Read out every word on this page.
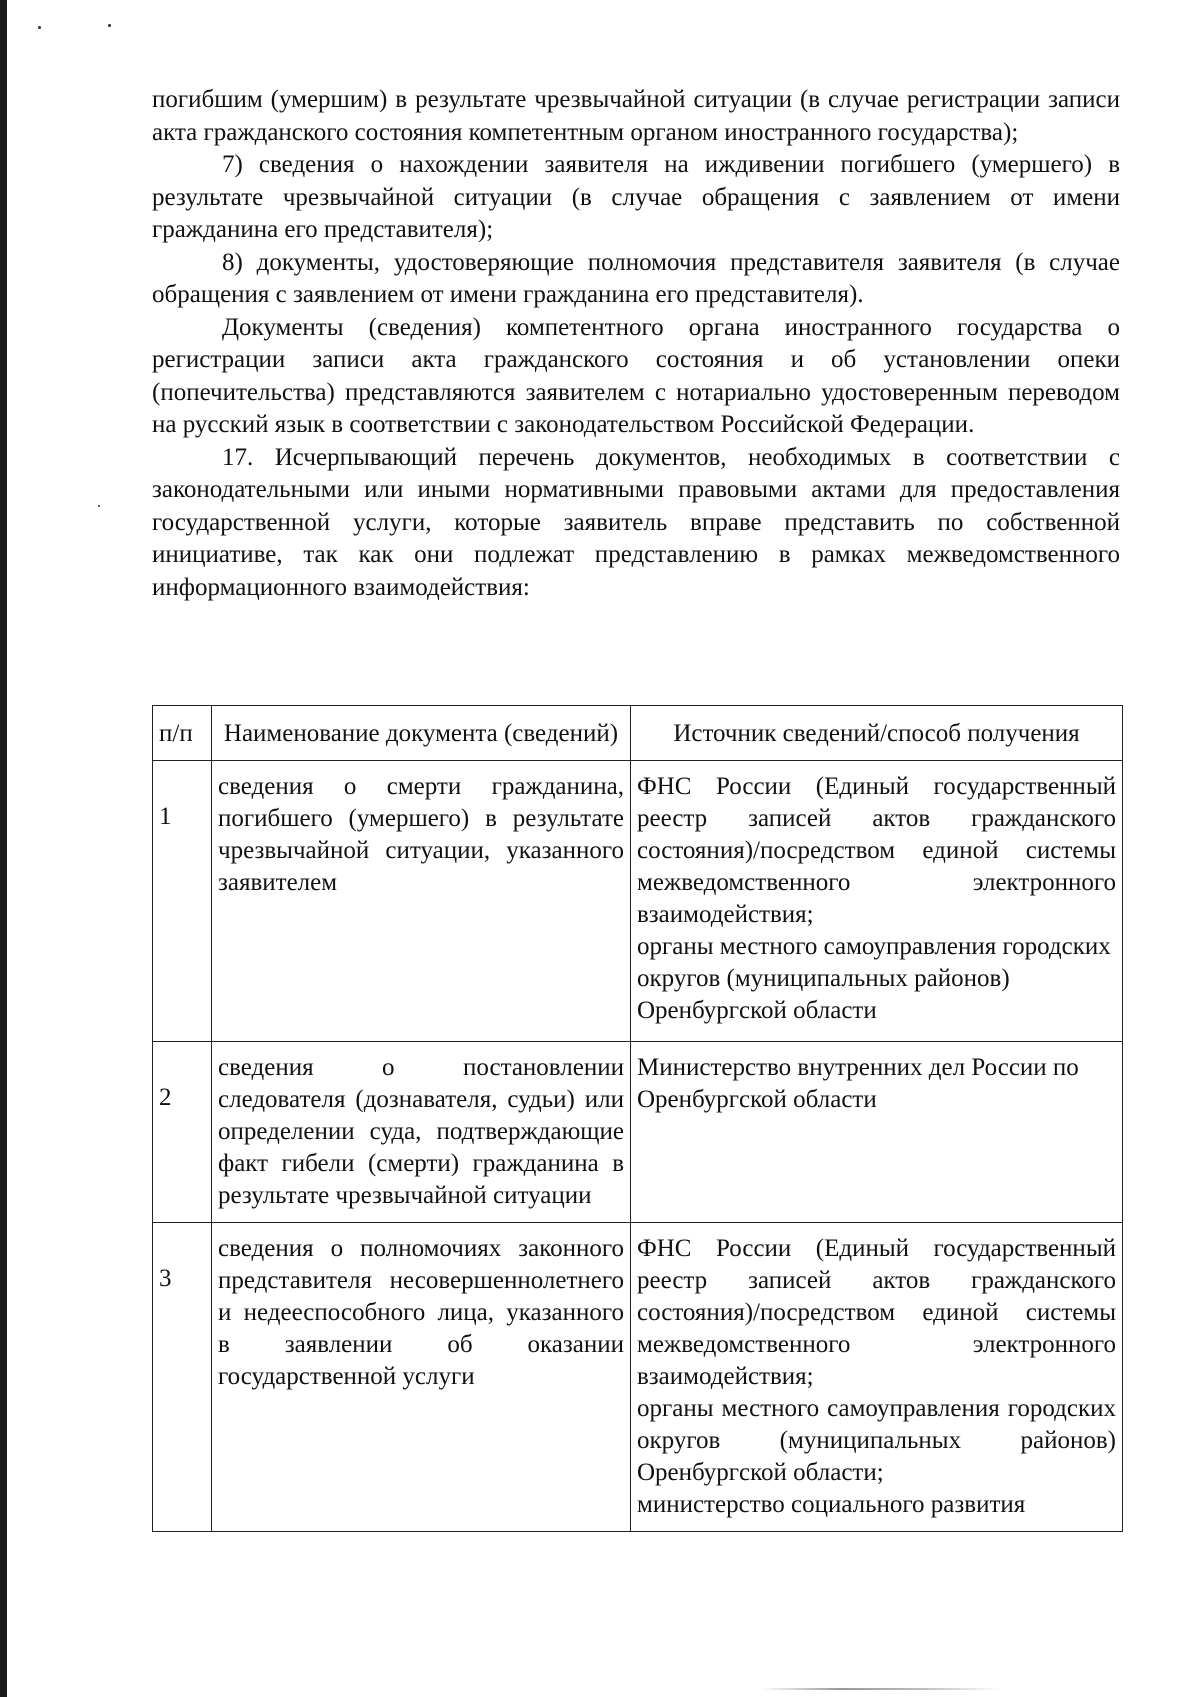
погибшим (умершим) в результате чрезвычайной ситуации (в случае регистрации записи акта гражданского состояния компетентным органом иностранного государства);

7) сведения о нахождении заявителя на иждивении погибшего (умершего) в результате чрезвычайной ситуации (в случае обращения с заявлением от имени гражданина его представителя);

8) документы, удостоверяющие полномочия представителя заявителя (в случае обращения с заявлением от имени гражданина его представителя).

Документы (сведения) компетентного органа иностранного государства о регистрации записи акта гражданского состояния и об установлении опеки (попечительства) представляются заявителем с нотариально удостоверенным переводом на русский язык в соответствии с законодательством Российской Федерации.

17. Исчерпывающий перечень документов, необходимых в соответствии с законодательными или иными нормативными правовыми актами для предоставления государственной услуги, которые заявитель вправе представить по собственной инициативе, так как они подлежат представлению в рамках межведомственного информационного взаимодействия:

п/п	Наименование документа (сведений)	Источник сведений/способ получения
1	сведения о смерти гражданина, погибшего (умершего) в результате чрезвычайной ситуации, указанного заявителем	ФНС России (Единый государственный реестр записей актов гражданского состояния)/посредством единой системы межведомственного электронного взаимодействия;
органы местного самоуправления городских округов (муниципальных районов) Оренбургской области

2	сведения о постановлении следователя (дознавателя, судьи) или определении суда, подтверждающие факт гибели (смерти) гражданина в результате чрезвычайной ситуации	Министерство внутренних дел России по Оренбургской области

3	сведения о полномочиях законного представителя несовершеннолетнего и недееспособного лица, указанного в заявлении об оказании государственной услуги	ФНС России (Единый государственный реестр записей актов гражданского состояния)/посредством единой системы межведомственного электронного взаимодействия;
органы местного самоуправления городских округов (муниципальных районов) Оренбургской области;
министерство социального развития
